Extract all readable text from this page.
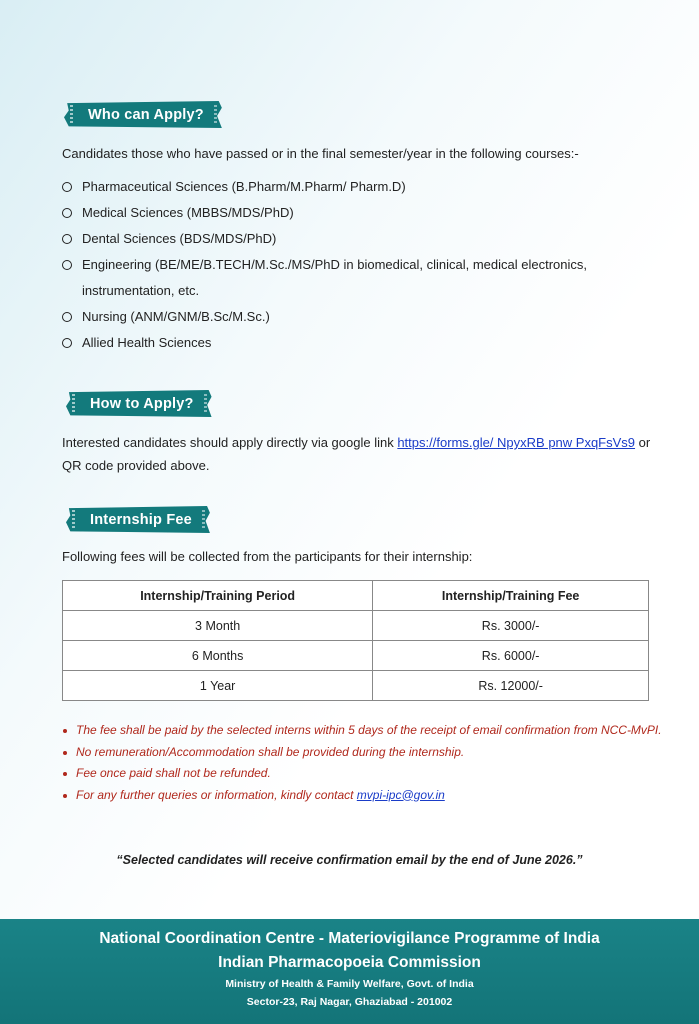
Who can Apply?
Candidates those who have passed or in the final semester/year in the following courses:-
Pharmaceutical Sciences (B.Pharm/M.Pharm/ Pharm.D)
Medical Sciences (MBBS/MDS/PhD)
Dental Sciences (BDS/MDS/PhD)
Engineering (BE/ME/B.TECH/M.Sc./MS/PhD in biomedical, clinical, medical electronics, instrumentation, etc.
Nursing (ANM/GNM/B.Sc/M.Sc.)
Allied Health Sciences
How to Apply?
Interested candidates should apply directly via google link https://forms.gle/ NpyxRB pnw PxqFsVs9 or QR code provided above.
Internship Fee
Following fees will be collected from the participants for their internship:
Internship/Training Period	Internship/Training Fee
3 Month	Rs. 3000/-
6 Months	Rs. 6000/-
1 Year	Rs. 12000/-
The fee shall be paid by the selected interns within 5 days of the receipt of email confirmation from NCC-MvPI.
No remuneration/Accommodation shall be provided during the internship.
Fee once paid shall not be refunded.
For any further queries or information, kindly contact mvpi-ipc@gov.in
“Selected candidates will receive confirmation email by the end of June 2026.”
National Coordination Centre - Materiovigilance Programme of India
Indian Pharmacopoeia Commission
Ministry of Health & Family Welfare, Govt. of India
Sector-23, Raj Nagar, Ghaziabad - 201002
